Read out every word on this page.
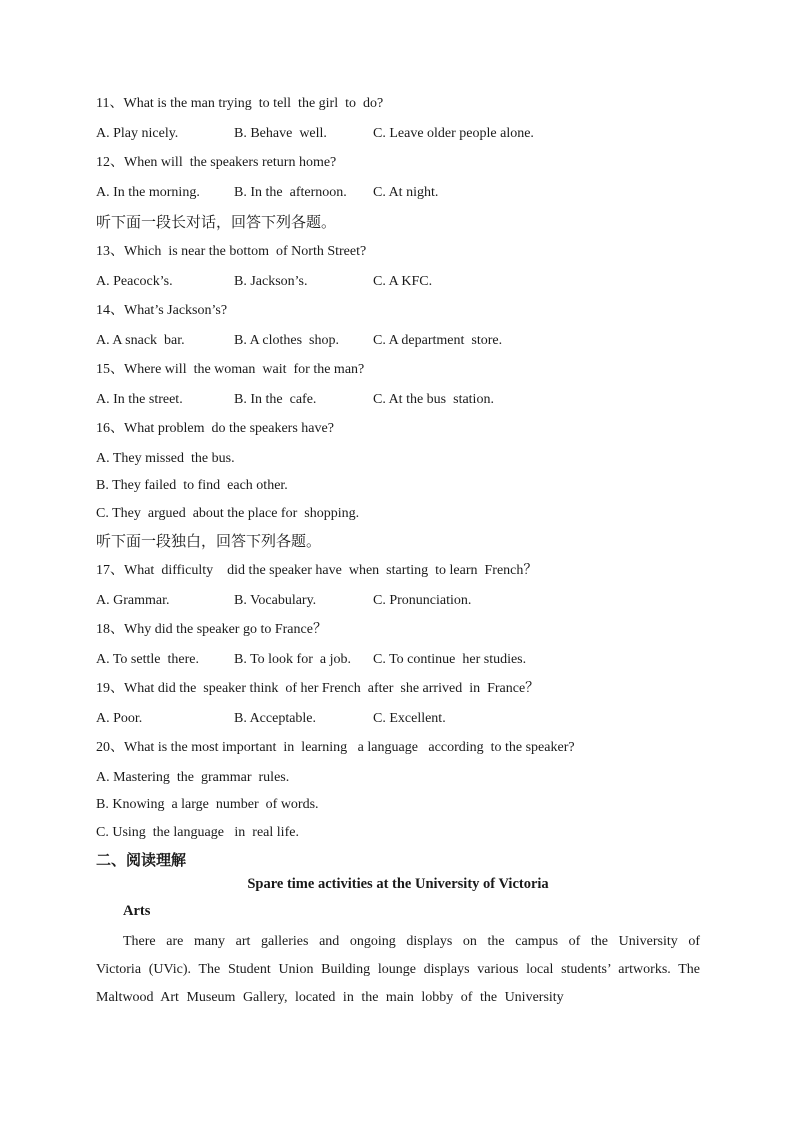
11、What is the man trying  to tell  the girl  to  do?

A. Play nicely.

	B. Behave  well.

	C. Leave older people alone.

12、When will  the speakers return home?

A. In the morning.

B. In the  afternoon.

C. At night.

听下面一段长对话，回答下列各题。
13、Which  is near the bottom  of North Street?

A. Peacock’s.

	B. Jackson’s.

	C. A KFC.

14、What’s Jackson’s?

A. A snack  bar.

	B. A clothes  shop.

C. A department  store.

15、Where will  the woman  wait  for the man?

A. In the street.

	B. In the  cafe.

	C. At the bus  station.

16、What problem  do the speakers have?
A. They missed  the bus.
B. They failed  to find  each other.
C. They  argued  about the place for  shopping.
听下面一段独白，回答下列各题。
17、What  difficulty    did the speaker have  when  starting  to learn  French？

A. Grammar.

	B. Vocabulary.

	C. Pronunciation.

18、Why did the speaker go to France？

A. To settle  there.

	B. To look for  a job.

C. To continue  her studies.

19、What did the  speaker think  of her French  after  she arrived  in  France？

A. Poor.

	B. Acceptable.

	C. Excellent.

20、What is the most important  in  learning   a language   according  to the speaker?
A. Mastering  the  grammar  rules.
B. Knowing  a large  number  of words.
C. Using  the language   in  real life.
二、阅读理解
Spare time activities at the University of Victoria
Arts
There are many art galleries and ongoing displays on the campus of the University of Victoria (UVic). The Student Union Building lounge displays various local students’ artworks. The Maltwood Art Museum Gallery, located in the main lobby of the University
